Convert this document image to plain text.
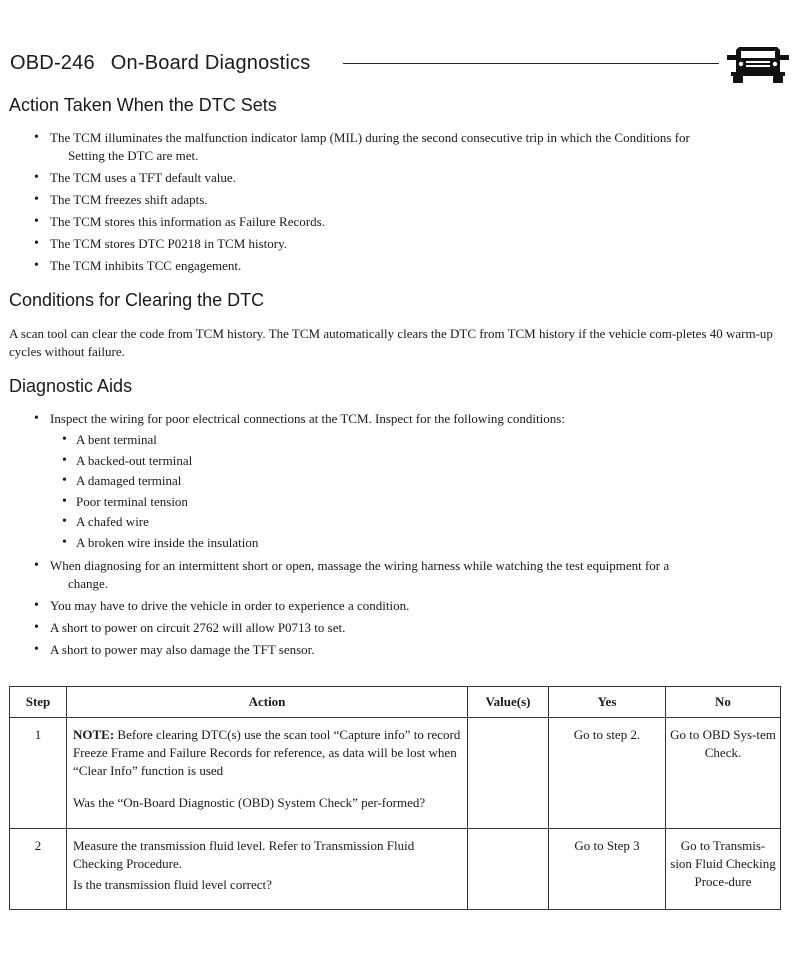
OBD-246 On-Board Diagnostics
Action Taken When the DTC Sets
• The TCM illuminates the malfunction indicator lamp (MIL) during the second consecutive trip in which the Conditions for
Setting the DTC are met.
• The TCM uses a TFT default value.
• The TCM freezes shift adapts.
• The TCM stores this information as Failure Records.
• The TCM stores DTC P0218 in TCM history.
• The TCM inhibits TCC engagement.
Conditions for Clearing the DTC
A scan tool can clear the code from TCM history. The TCM automatically clears the DTC from TCM history if the vehicle com-pletes 40 warm-up cycles without failure.
Diagnostic Aids
• Inspect the wiring for poor electrical connections at the TCM. Inspect for the following conditions:
• A bent terminal
• A backed-out terminal
• A damaged terminal
• Poor terminal tension
• A chafed wire
• A broken wire inside the insulation
• When diagnosing for an intermittent short or open, massage the wiring harness while watching the test equipment for a
change.
• You may have to drive the vehicle in order to experience a condition.
• A short to power on circuit 2762 will allow P0713 to set.
• A short to power may also damage the TFT sensor.
Step	Action	Value(s)	Yes	No
1	NOTE: Before clearing DTC(s) use the scan tool “Capture info” to record Freeze Frame and Failure Records for reference, as data will be lost when “Clear Info” function is used

Was the “On-Board Diagnostic (OBD) System Check” per-formed?		Go to step 2.	Go to OBD Sys-tem Check.
2	Measure the transmission fluid level. Refer to Transmission Fluid Checking Procedure.

Is the transmission fluid level correct?		Go to Step 3	Go to Transmis-sion Fluid Checking Proce-dure
